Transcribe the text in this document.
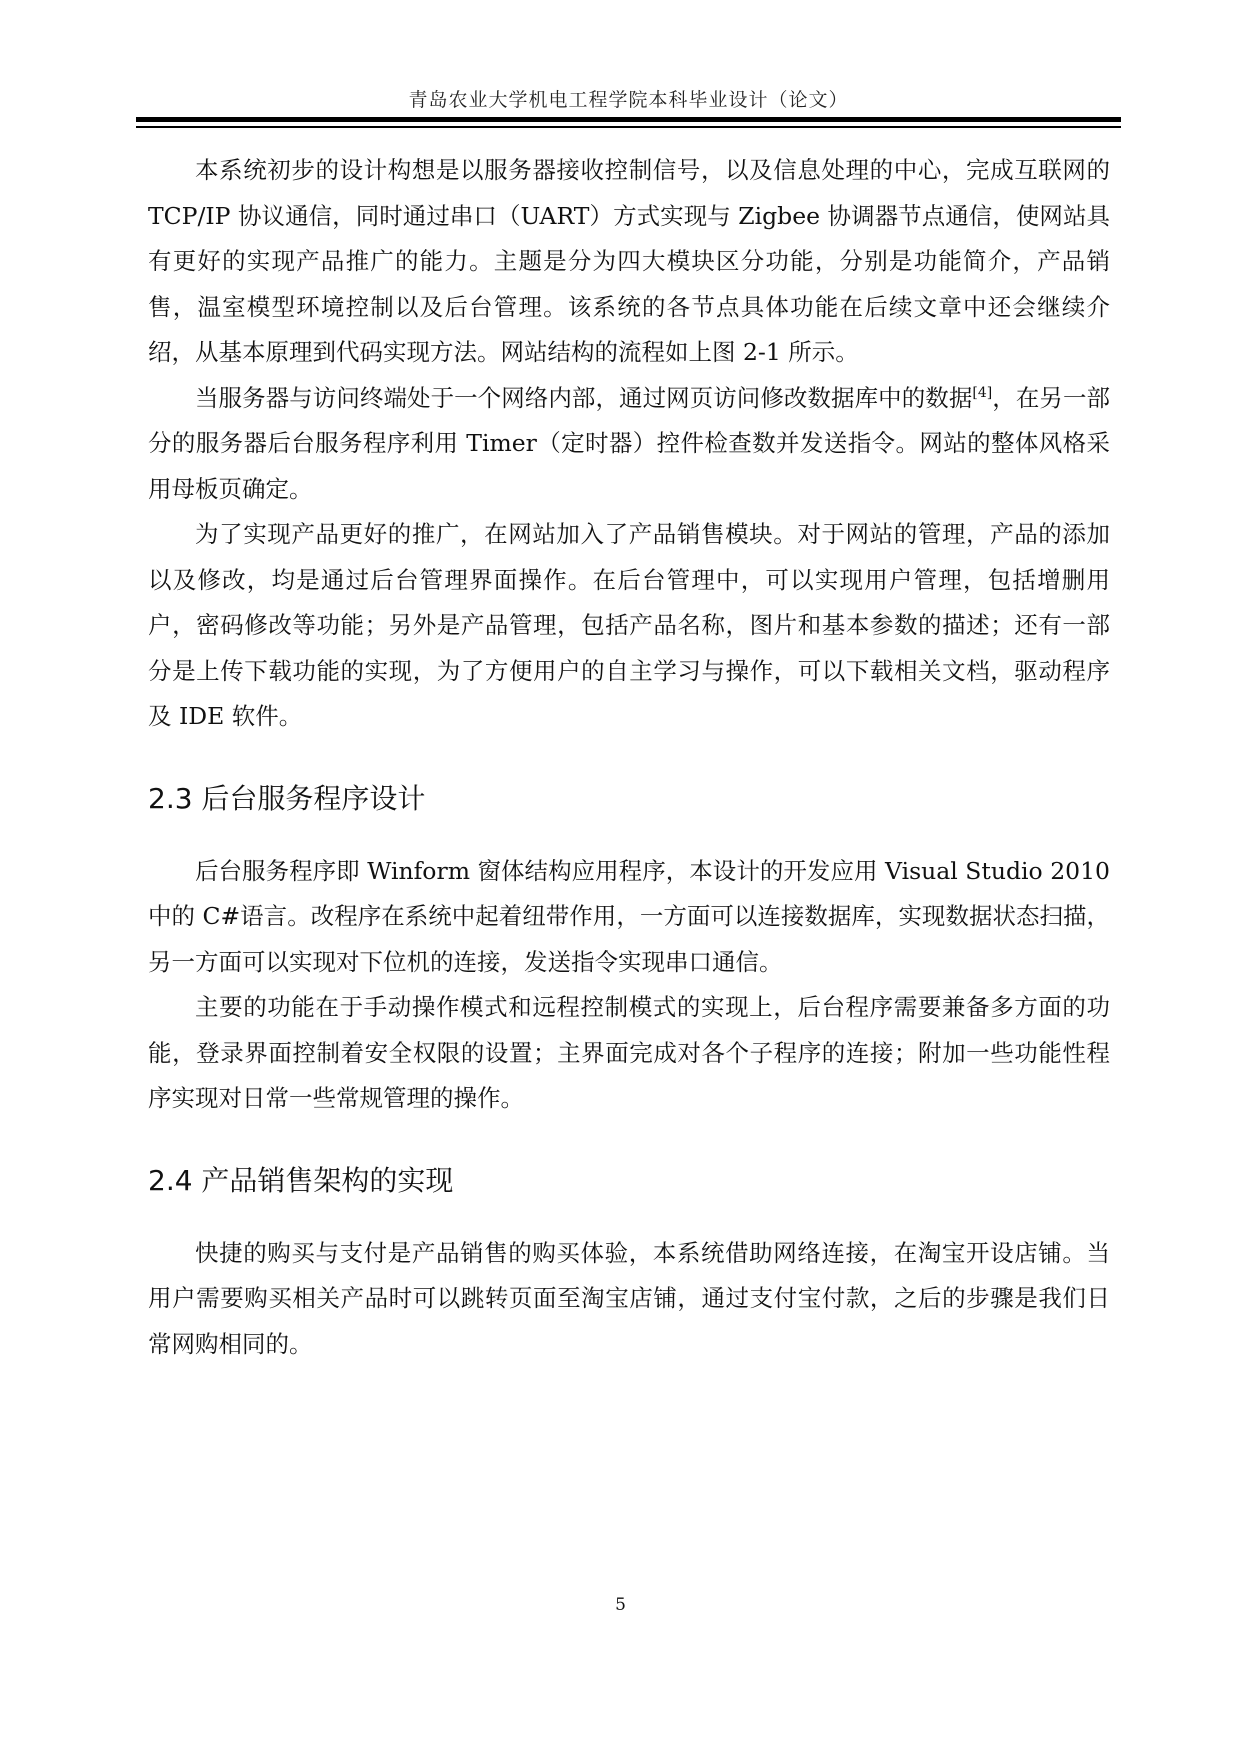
青岛农业大学机电工程学院本科毕业设计（论文）

本系统初步的设计构想是以服务器接收控制信号，以及信息处理的中心，完成互联网的 TCP/IP 协议通信，同时通过串口（UART）方式实现与 Zigbee 协调器节点通信，使网站具有更好的实现产品推广的能力。主题是分为四大模块区分功能，分别是功能简介，产品销售，温室模型环境控制以及后台管理。该系统的各节点具体功能在后续文章中还会继续介绍，从基本原理到代码实现方法。网站结构的流程如上图 2-1 所示。

当服务器与访问终端处于一个网络内部，通过网页访问修改数据库中的数据[4]，在另一部分的服务器后台服务程序利用 Timer（定时器）控件检查数并发送指令。网站的整体风格采用母板页确定。

为了实现产品更好的推广，在网站加入了产品销售模块。对于网站的管理，产品的添加以及修改，均是通过后台管理界面操作。在后台管理中，可以实现用户管理，包括增删用户，密码修改等功能；另外是产品管理，包括产品名称，图片和基本参数的描述；还有一部分是上传下载功能的实现，为了方便用户的自主学习与操作，可以下载相关文档，驱动程序及 IDE 软件。

2.3 后台服务程序设计

后台服务程序即 Winform 窗体结构应用程序，本设计的开发应用 Visual Studio 2010 中的 C#语言。改程序在系统中起着纽带作用，一方面可以连接数据库，实现数据状态扫描，另一方面可以实现对下位机的连接，发送指令实现串口通信。

主要的功能在于手动操作模式和远程控制模式的实现上，后台程序需要兼备多方面的功能，登录界面控制着安全权限的设置；主界面完成对各个子程序的连接；附加一些功能性程序实现对日常一些常规管理的操作。

2.4 产品销售架构的实现

快捷的购买与支付是产品销售的购买体验，本系统借助网络连接，在淘宝开设店铺。当用户需要购买相关产品时可以跳转页面至淘宝店铺，通过支付宝付款，之后的步骤是我们日常网购相同的。

5
